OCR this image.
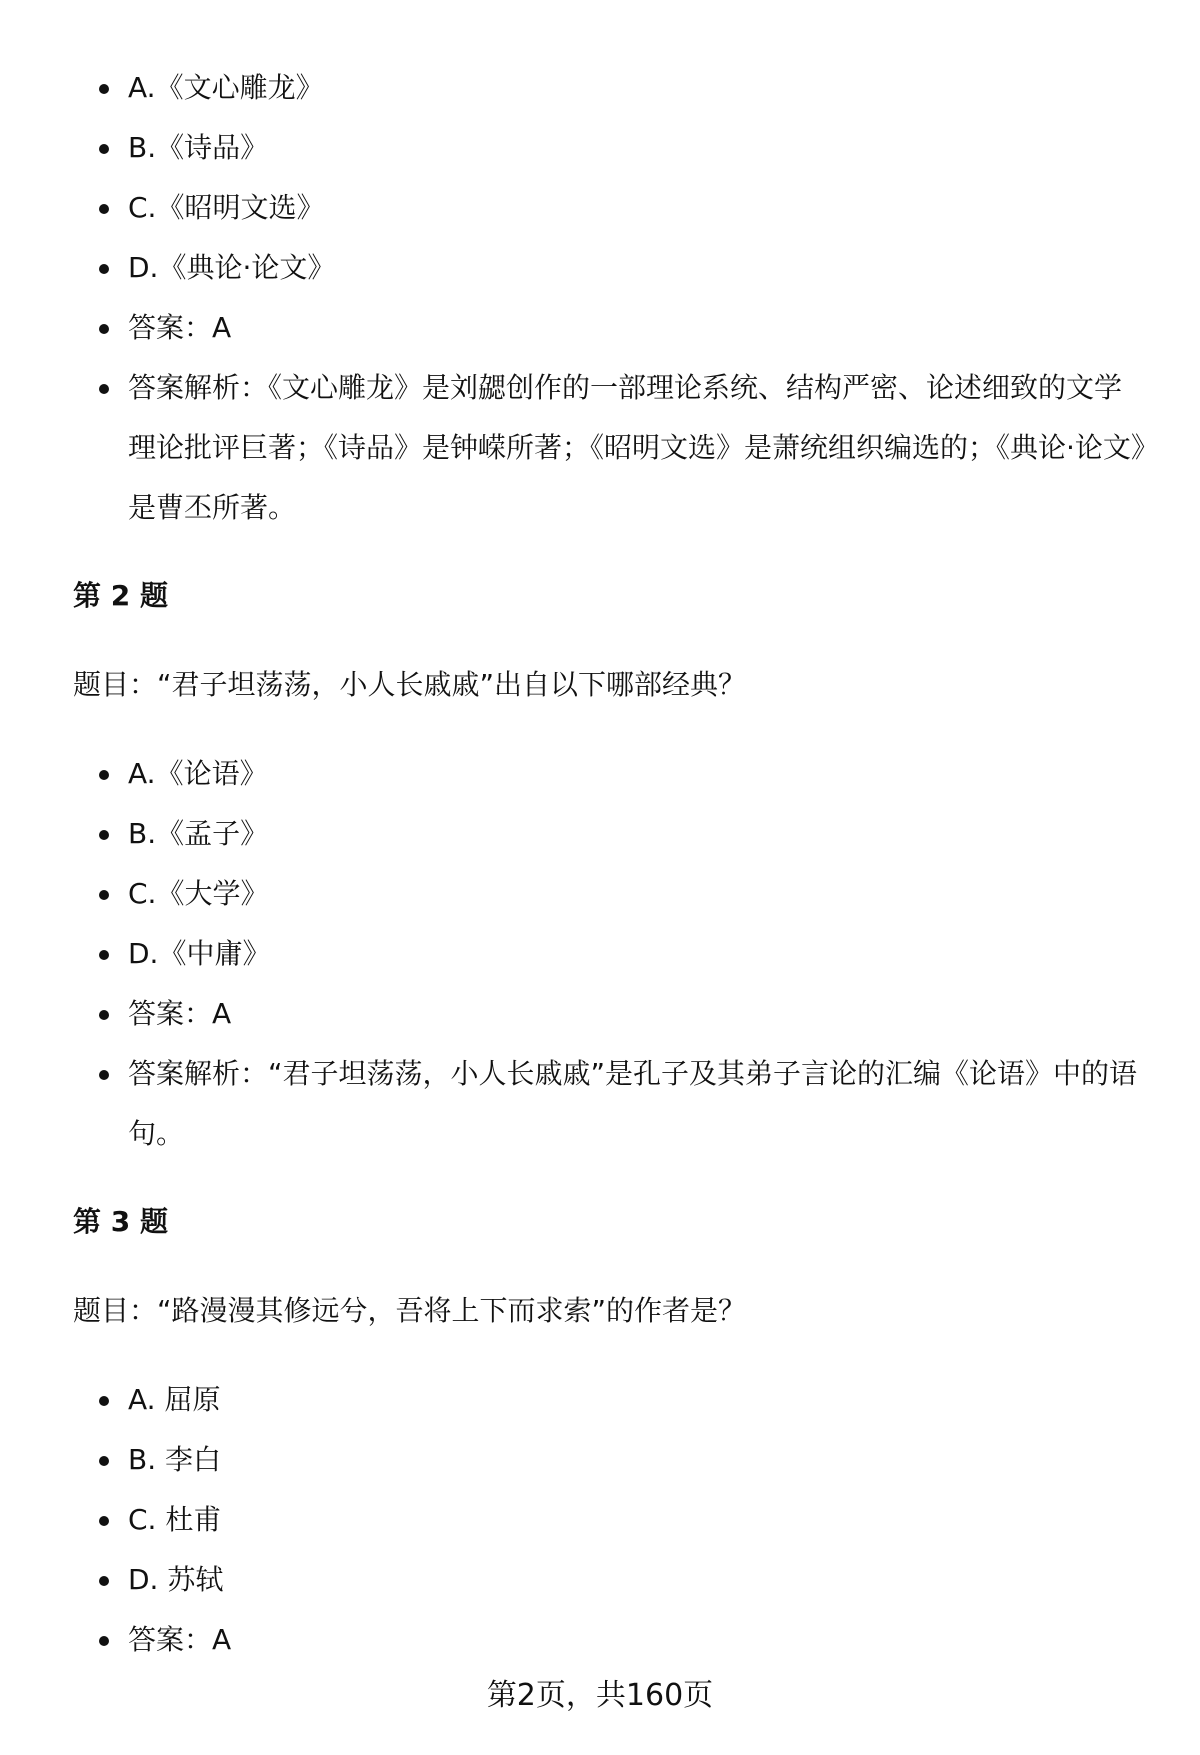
A.《文心雕龙》
B.《诗品》
C.《昭明文选》
D.《典论·论文》
答案：A
答案解析：《文心雕龙》是刘勰创作的一部理论系统、结构严密、论述细致的文学理论批评巨著；《诗品》是钟嵘所著；《昭明文选》是萧统组织编选的；《典论·论文》是曹丕所著。
第 2 题
题目：“君子坦荡荡，小人长戚戚”出自以下哪部经典？
A.《论语》
B.《孟子》
C.《大学》
D.《中庸》
答案：A
答案解析：“君子坦荡荡，小人长戚戚”是孔子及其弟子言论的汇编《论语》中的语句。
第 3 题
题目：“路漫漫其修远兮，吾将上下而求索”的作者是？
A. 屈原
B. 李白
C. 杜甫
D. 苏轼
答案：A
第2页，共160页
